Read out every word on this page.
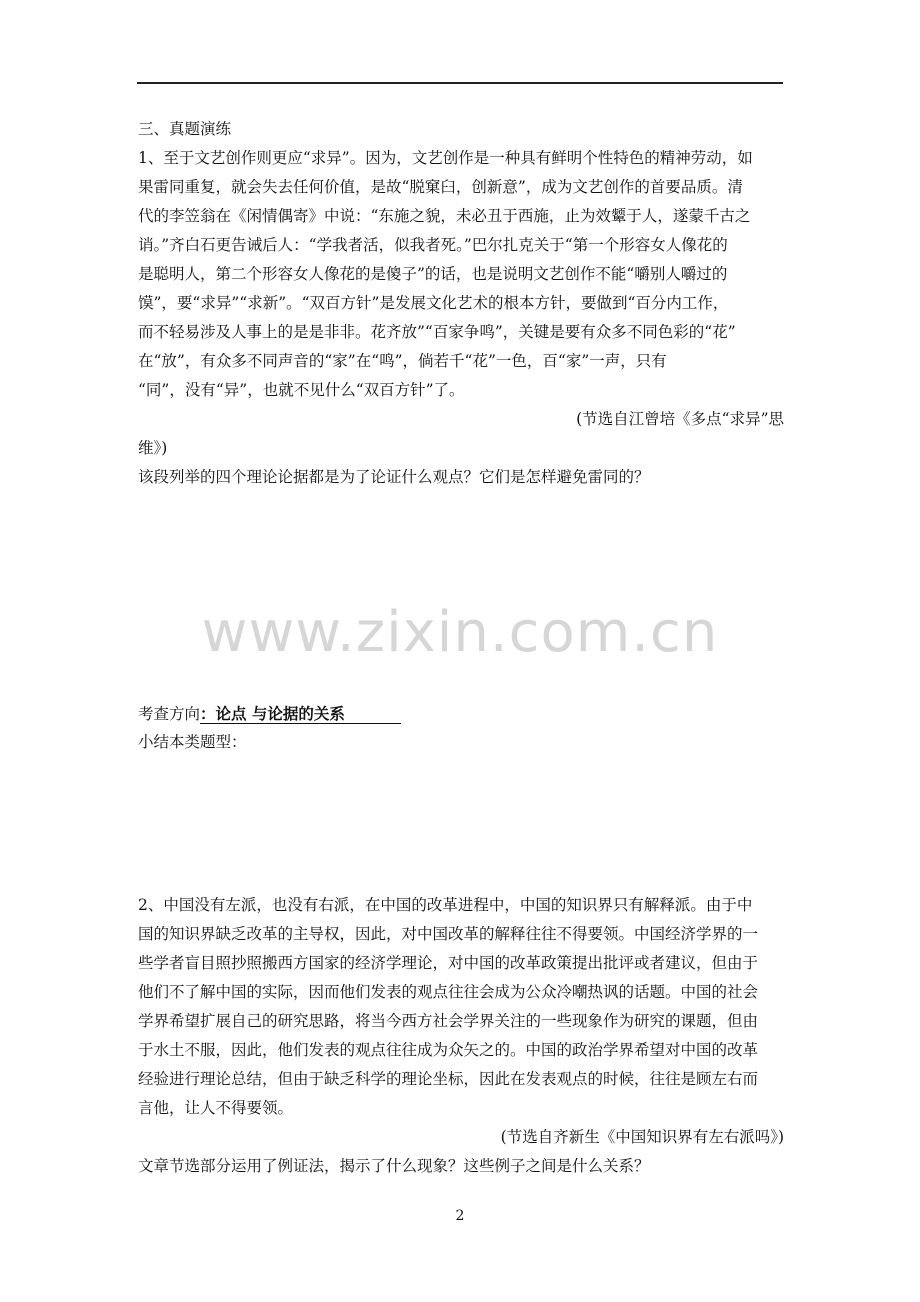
三、真题演练
1、至于文艺创作则更应“求异”。因为，文艺创作是一种具有鲜明个性特色的精神劳动，如
果雷同重复，就会失去任何价值，是故“脱窠臼，创新意”，成为文艺创作的首要品质。清
代的李笠翁在《闲情偶寄》中说：“东施之貌，未必丑于西施，止为效颦于人，遂蒙千古之
诮。”齐白石更告诫后人：“学我者活，似我者死。”巴尔扎克关于“第一个形容女人像花的
是聪明人，第二个形容女人像花的是傻子”的话，也是说明文艺创作不能“嚼别人嚼过的
馍”，要“求异”“求新”。“双百方针”是发展文化艺术的根本方针，要做到“百分内工作，
而不轻易涉及人事上的是是非非。花齐放”“百家争鸣”，关键是要有众多不同色彩的“花”
在“放”，有众多不同声音的“家”在“鸣”，倘若千“花”一色，百“家”一声，只有
“同”，没有“异”，也就不见什么“双百方针”了。
(节选自江曾培《多点“求异”思
维》)
该段列举的四个理论论据都是为了论证什么观点？它们是怎样避免雷同的？
www.zixin.com.cn
考查方向：论点 与论据的关系
小结本类题型：
2、中国没有左派，也没有右派，在中国的改革进程中，中国的知识界只有解释派。由于中
国的知识界缺乏改革的主导权，因此，对中国改革的解释往往不得要领。中国经济学界的一
些学者盲目照抄照搬西方国家的经济学理论，对中国的改革政策提出批评或者建议，但由于
他们不了解中国的实际，因而他们发表的观点往往会成为公众冷嘲热讽的话题。中国的社会
学界希望扩展自己的研究思路，将当今西方社会学界关注的一些现象作为研究的课题，但由
于水土不服，因此，他们发表的观点往往成为众矢之的。中国的政治学界希望对中国的改革
经验进行理论总结，但由于缺乏科学的理论坐标，因此在发表观点的时候，往往是顾左右而
言他，让人不得要领。
(节选自齐新生《中国知识界有左右派吗》)
文章节选部分运用了例证法，揭示了什么现象？这些例子之间是什么关系？
2
